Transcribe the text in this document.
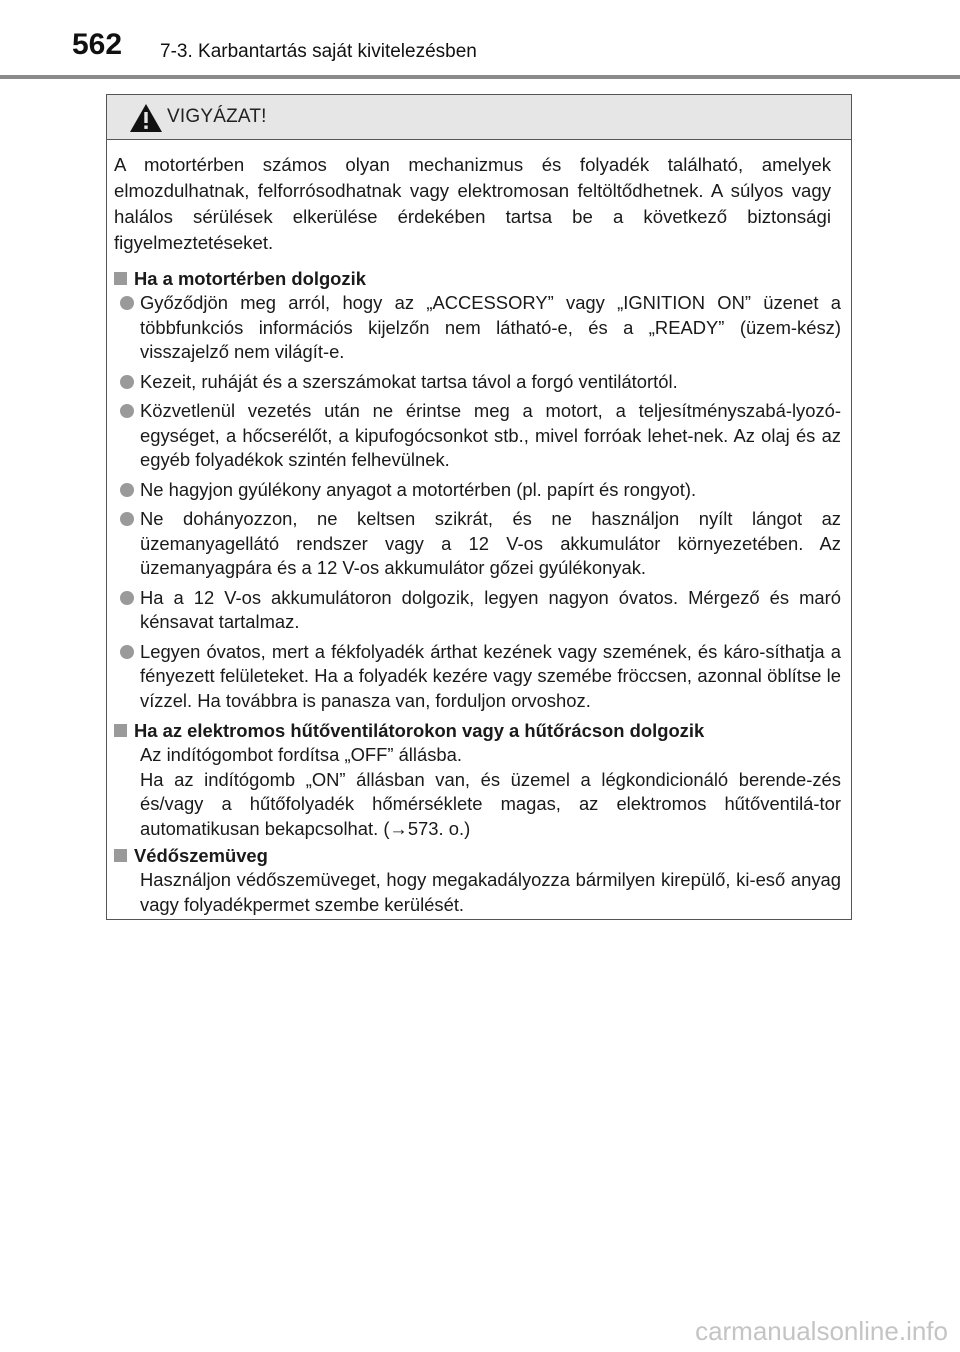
562 7-3. Karbantartás saját kivitelezésben
VIGYÁZAT!

A motortérben számos olyan mechanizmus és folyadék található, amelyek elmozdulhatnak, felforrósodhatnak vagy elektromosan feltöltődhetnek. A súlyos vagy halálos sérülések elkerülése érdekében tartsa be a következő biztonsági figyelmeztetéseket.

Ha a motortérben dolgozik
Győződjön meg arról, hogy az „ACCESSORY” vagy „IGNITION ON” üzenet a többfunkciós információs kijelzőn nem látható-e, és a „READY” (üzem-kész) visszajelző nem világít-e.
Kezeit, ruháját és a szerszámokat tartsa távol a forgó ventilátortól.
Közvetlenül vezetés után ne érintse meg a motort, a teljesítményszabá-lyozó-egységet, a hőcserélőt, a kipufogócsonkot stb., mivel forróak lehet-nek. Az olaj és az egyéb folyadékok szintén felhevülnek.
Ne hagyjon gyúlékony anyagot a motortérben (pl. papírt és rongyot).
Ne dohányozzon, ne keltsen szikrát, és ne használjon nyílt lángot az üzemanyagellátó rendszer vagy a 12 V-os akkumulátor környezetében. Az üzemanyagpára és a 12 V-os akkumulátor gőzei gyúlékonyak.
Ha a 12 V-os akkumulátoron dolgozik, legyen nagyon óvatos. Mérgező és maró kénsavat tartalmaz.
Legyen óvatos, mert a fékfolyadék árthat kezének vagy szemének, és káro-síthatja a fényezett felületeket. Ha a folyadék kezére vagy szemébe fröccsen, azonnal öblítse le vízzel. Ha továbbra is panasza van, forduljon orvoshoz.
Ha az elektromos hűtőventilátorokon vagy a hűtőrácson dolgozik

Az indítógombot fordítsa „OFF” állásba.

Ha az indítógomb „ON” állásban van, és üzemel a légkondicionáló berende-zés és/vagy a hűtőfolyadék hőmérséklete magas, az elektromos hűtőventilá-tor automatikusan bekapcsolhat. (→573. o.)

Védőszemüveg

Használjon védőszemüveget, hogy megakadályozza bármilyen kirepülő, ki-eső anyag vagy folyadékpermet szembe kerülését.

carmanualsonline.info
